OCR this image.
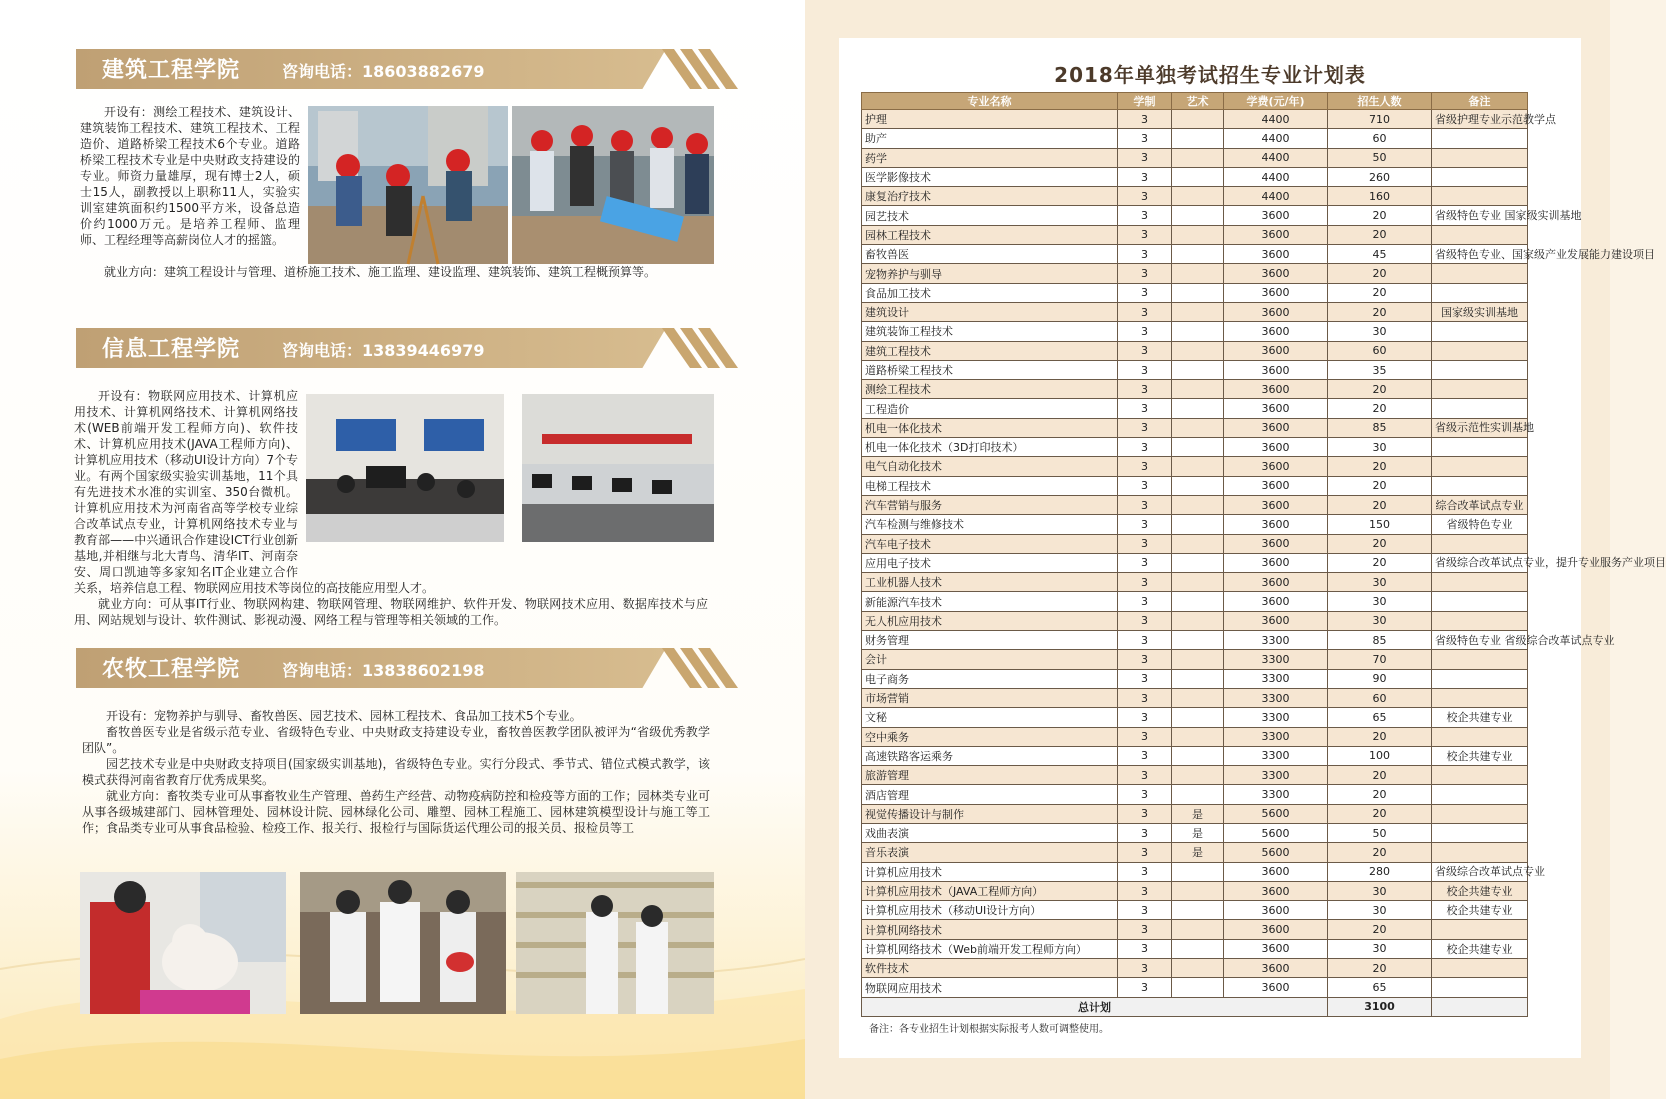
建筑工程学院	咨询电话：18603882679

开设有：测绘工程技术、建筑设计、建筑装饰工程技术、建筑工程技术、工程造价、道路桥梁工程技术6个专业。道路桥梁工程技术专业是中央财政支持建设的专业。师资力量雄厚，现有博士2人，硕士15人，副教授以上职称11人，实验实训室建筑面积约1500平方米，设备总造价约1000万元。是培养工程师、监理师、工程经理等高薪岗位人才的摇篮。

就业方向：建筑工程设计与管理、道桥施工技术、施工监理、建设监理、建筑装饰、建筑工程概预算等。

信息工程学院	咨询电话：13839446979

开设有：物联网应用技术、计算机应用技术、计算机网络技术、计算机网络技术(WEB前端开发工程师方向)、软件技术、计算机应用技术(JAVA工程师方向)、计算机应用技术（移动UI设计方向）7个专业。有两个国家级实验实训基地，11个具有先进技术水准的实训室、350台微机。计算机应用技术为河南省高等学校专业综合改革试点专业，计算机网络技术专业与教育部——中兴通讯合作建设ICT行业创新基地,并相继与北大青鸟、清华IT、河南奈安、周口凯迪等多家知名IT企业建立合作关系，培养信息工程、物联网应用技术等岗位的高技能应用型人才。

就业方向：可从事IT行业、物联网构建、物联网管理、物联网维护、软件开发、物联网技术应用、数据库技术与应用、网站规划与设计、软件测试、影视动漫、网络工程与管理等相关领域的工作。

农牧工程学院	咨询电话：13838602198

开设有：宠物养护与驯导、畜牧兽医、园艺技术、园林工程技术、食品加工技术5个专业。

畜牧兽医专业是省级示范专业、省级特色专业、中央财政支持建设专业，畜牧兽医教学团队被评为“省级优秀教学团队”。

园艺技术专业是中央财政支持项目(国家级实训基地)，省级特色专业。实行分段式、季节式、错位式模式教学，该模式获得河南省教育厅优秀成果奖。

就业方向：畜牧类专业可从事畜牧业生产管理、兽药生产经营、动物疫病防控和检疫等方面的工作；园林类专业可从事各级城建部门、园林管理处、园林设计院、园林绿化公司、雕塑、园林工程施工、园林建筑模型设计与施工等工作；食品类专业可从事食品检验、检疫工作、报关行、报检行与国际货运代理公司的报关员、报检员等工

2018年单独考试招生专业计划表
专业名称	学制	艺术	学费(元/年)	招生人数	备注
护理	3		4400	710	省级护理专业示范教学点
助产	3		4400	60	
药学	3		4400	50	
医学影像技术	3		4400	260	
康复治疗技术	3		4400	160	
园艺技术	3		3600	20	省级特色专业 国家级实训基地
园林工程技术	3		3600	20	
畜牧兽医	3		3600	45	省级特色专业、国家级产业发展能力建设项目
宠物养护与驯导	3		3600	20	
食品加工技术	3		3600	20	
建筑设计	3		3600	20	国家级实训基地
建筑装饰工程技术	3		3600	30	
建筑工程技术	3		3600	60	
道路桥梁工程技术	3		3600	35	
测绘工程技术	3		3600	20	
工程造价	3		3600	20	
机电一体化技术	3		3600	85	省级示范性实训基地
机电一体化技术（3D打印技术）	3		3600	30	
电气自动化技术	3		3600	20	
电梯工程技术	3		3600	20	
汽车营销与服务	3		3600	20	综合改革试点专业
汽车检测与维修技术	3		3600	150	省级特色专业
汽车电子技术	3		3600	20	
应用电子技术	3		3600	20	省级综合改革试点专业，提升专业服务产业项目
工业机器人技术	3		3600	30	
新能源汽车技术	3		3600	30	
无人机应用技术	3		3600	30	
财务管理	3		3300	85	省级特色专业 省级综合改革试点专业
会计	3		3300	70	
电子商务	3		3300	90	
市场营销	3		3300	60	
文秘	3		3300	65	校企共建专业
空中乘务	3		3300	20	
高速铁路客运乘务	3		3300	100	校企共建专业
旅游管理	3		3300	20	
酒店管理	3		3300	20	
视觉传播设计与制作	3	是	5600	20	
戏曲表演	3	是	5600	50	
音乐表演	3	是	5600	20	
计算机应用技术	3		3600	280	省级综合改革试点专业
计算机应用技术（JAVA工程师方向）	3		3600	30	校企共建专业
计算机应用技术（移动UI设计方向）	3		3600	30	校企共建专业
计算机网络技术	3		3600	20	
计算机网络技术（Web前端开发工程师方向）	3		3600	30	校企共建专业
软件技术	3		3600	20	
物联网应用技术	3		3600	65	
总计划				3100	
备注：各专业招生计划根据实际报考人数可调整使用。
